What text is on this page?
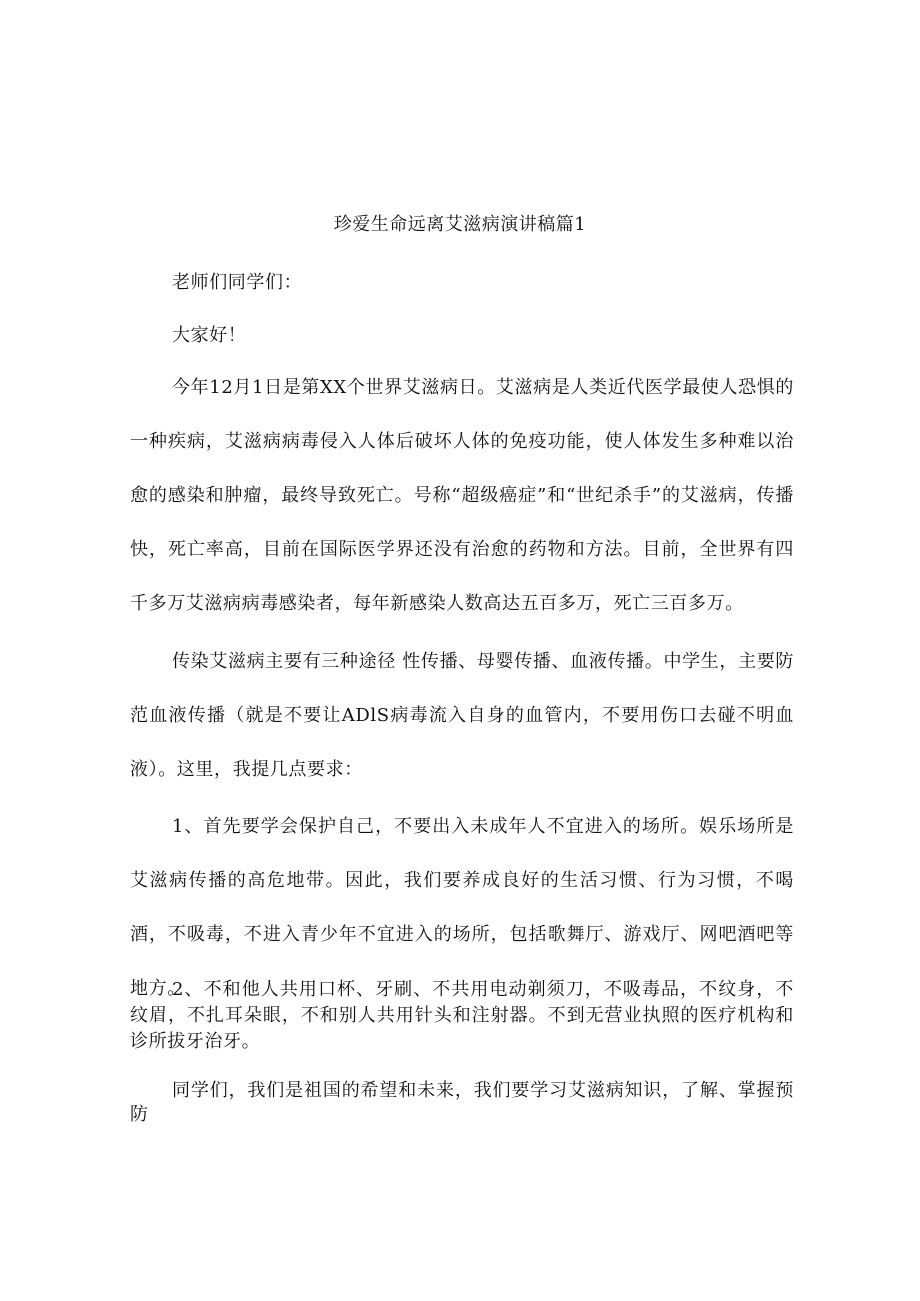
珍爱生命远离艾滋病演讲稿篇1

老师们同学们：

大家好！

今年12月1日是第XX个世界艾滋病日。艾滋病是人类近代医学最使人恐惧的一种疾病，艾滋病病毒侵入人体后破坏人体的免疫功能，使人体发生多种难以治愈的感染和肿瘤，最终导致死亡。号称“超级癌症”和“世纪杀手”的艾滋病，传播快，死亡率高，目前在国际医学界还没有治愈的药物和方法。目前，全世界有四千多万艾滋病病毒感染者，每年新感染人数高达五百多万，死亡三百多万。

传染艾滋病主要有三种途径 性传播、母婴传播、血液传播。中学生，主要防范血液传播（就是不要让ADlS病毒流入自身的血管内，不要用伤口去碰不明血液）。这里，我提几点要求：

1、首先要学会保护自己，不要出入未成年人不宜进入的场所。娱乐场所是艾滋病传播的高危地带。因此，我们要养成良好的生活习惯、行为习惯，不喝酒，不吸毒，不进入青少年不宜进入的场所，包括歌舞厅、游戏厅、网吧酒吧等地方。

2、不和他人共用口杯、牙刷、不共用电动剃须刀，不吸毒品，不纹身，不纹眉，不扎耳朵眼，不和别人共用针头和注射器。不到无营业执照的医疗机构和诊所拔牙治牙。

同学们，我们是祖国的希望和未来，我们要学习艾滋病知识，了解、掌握预防
